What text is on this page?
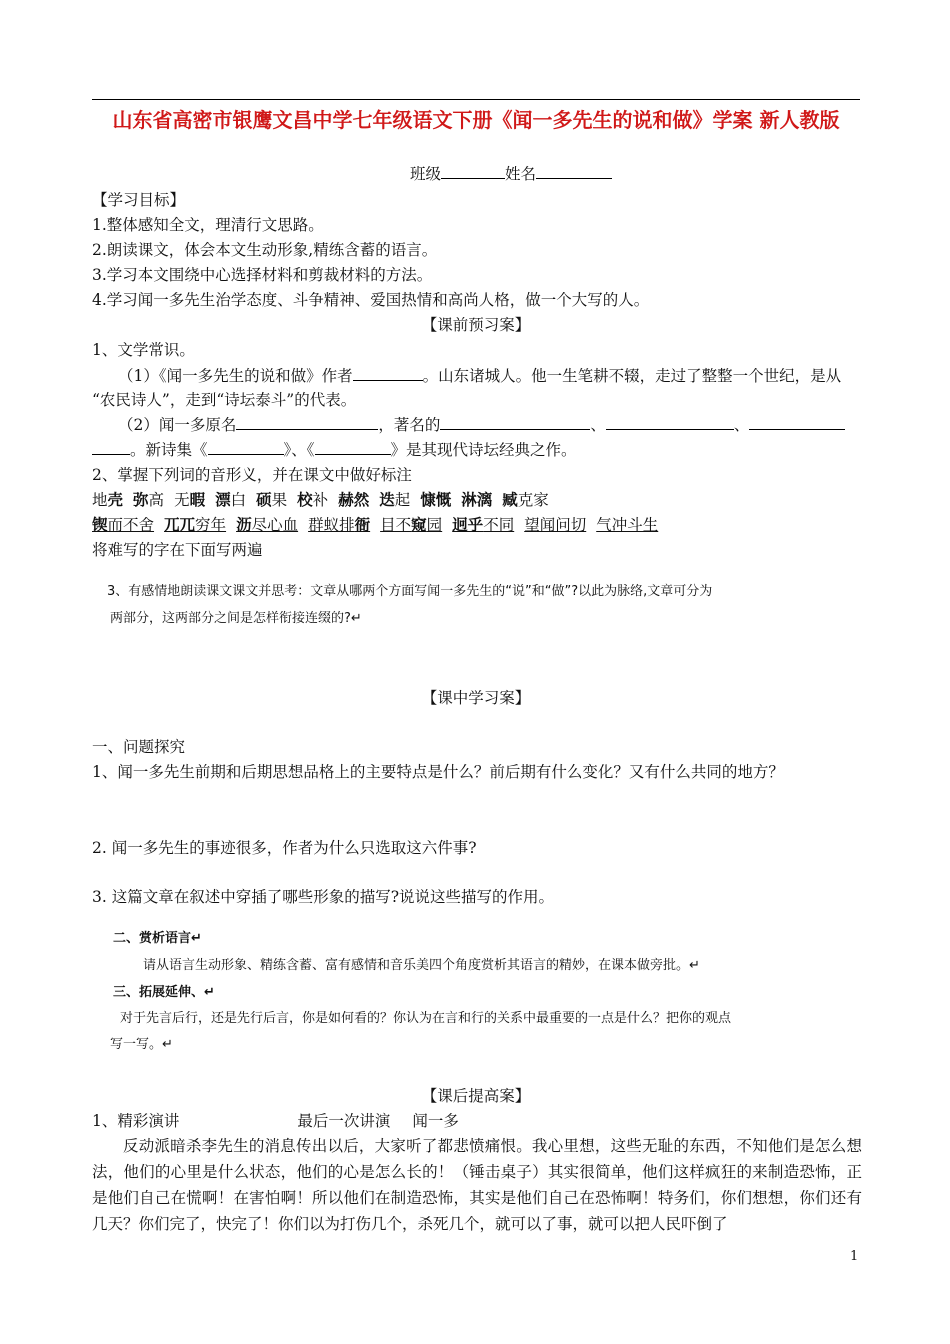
山东省高密市银鹰文昌中学七年级语文下册《闻一多先生的说和做》学案 新人教版
班级	姓名
【学习目标】
1.整体感知全文，理清行文思路。
2.朗读课文，体会本文生动形象,精练含蓄的语言。
3.学习本文围绕中心选择材料和剪裁材料的方法。
4.学习闻一多先生治学态度、斗争精神、爱国热情和高尚人格，做一个大写的人。
【课前预习案】
1、文学常识。
（1）《闻一多先生的说和做》作者	。山东诸城人。他一生笔耕不辍，走过了整整一个世纪，是从
“农民诗人”，走到“诗坛泰斗”的代表。
（2）闻一多原名	，著名的	、	、
。新诗集《	》、《	》是其现代诗坛经典之作。
2、掌握下列词的音形义，并在课文中做好标注
地壳 弥高 无暇 漂白 硕果 校补 赫然 迭起 慷慨 淋漓 臧克家
锲而不舍 兀兀穷年 沥尽心血 群蚁排衙 目不窥园 迥乎不同 望闻问切 气冲斗生
将难写的字在下面写两遍
3、有感情地朗读课文课文并思考：文章从哪两个方面写闻一多先生的“说”和“做”?以此为脉络,文章可分为
两部分，这两部分之间是怎样衔接连缀的?↵
【课中学习案】
一、问题探究
1、闻一多先生前期和后期思想品格上的主要特点是什么？前后期有什么变化？又有什么共同的地方？
2. 闻一多先生的事迹很多，作者为什么只选取这六件事?
3. 这篇文章在叙述中穿插了哪些形象的描写?说说这些描写的作用。
二、赏析语言↵
请从语言生动形象、精练含蓄、富有感情和音乐美四个角度赏析其语言的精妙，在课本做旁批。↵
三、拓展延伸、↵
对于先言后行，还是先行后言，你是如何看的？你认为在言和行的关系中最重要的一点是什么？把你的观点
写一写。↵
【课后提高案】
1、精彩演讲	最后一次讲演 闻一多
反动派暗杀李先生的消息传出以后，大家听了都悲愤痛恨。我心里想，这些无耻的东西，不知他们是怎么想法，他们的心里是什么状态，他们的心是怎么长的！（锤击桌子）其实很简单，他们这样疯狂的来制造恐怖，正是他们自己在慌啊！在害怕啊！所以他们在制造恐怖，其实是他们自己在恐怖啊！特务们，你们想想，你们还有几天？你们完了，快完了！你们以为打伤几个，杀死几个，就可以了事，就可以把人民吓倒了
1
